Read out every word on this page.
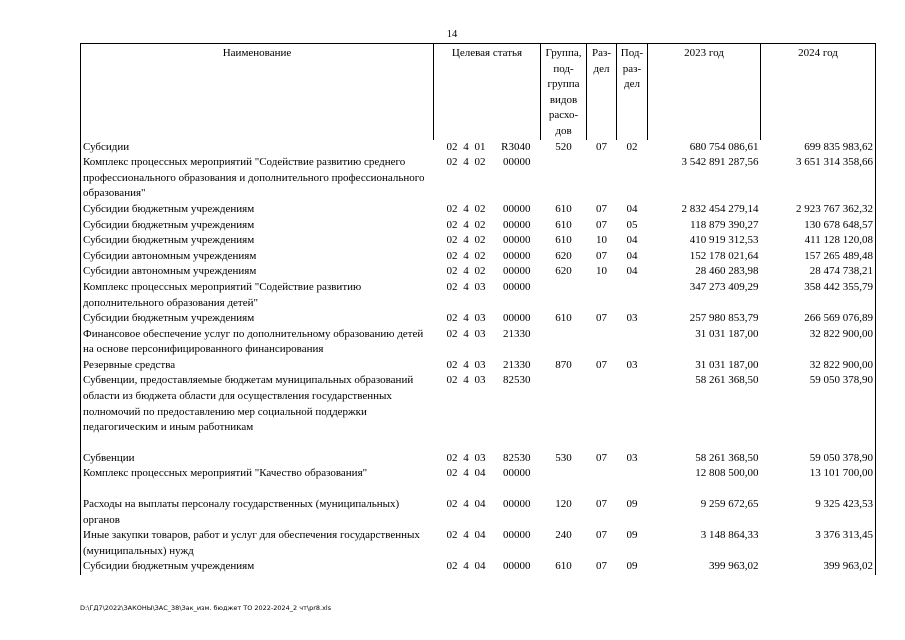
14
Наименование	Целевая статья	Группа, под-группа видов расхо-дов	Раз-дел	Под-раз-дел	2023 год	2024 год
Субсидии	02 4 01 R3040	520	07	02	680 754 086,61	699 835 983,62
Комплекс процессных мероприятий "Содействие развитию среднего профессионального образования и дополнительного профессионального образования"	02 4 02 00000				3 542 891 287,56	3 651 314 358,66
Субсидии бюджетным учреждениям	02 4 02 00000	610	07	04	2 832 454 279,14	2 923 767 362,32
Субсидии бюджетным учреждениям	02 4 02 00000	610	07	05	118 879 390,27	130 678 648,57
Субсидии бюджетным учреждениям	02 4 02 00000	610	10	04	410 919 312,53	411 128 120,08
Субсидии автономным учреждениям	02 4 02 00000	620	07	04	152 178 021,64	157 265 489,48
Субсидии автономным учреждениям	02 4 02 00000	620	10	04	28 460 283,98	28 474 738,21
Комплекс процессных мероприятий "Содействие развитию дополнительного образования детей"	02 4 03 00000				347 273 409,29	358 442 355,79
Субсидии бюджетным учреждениям	02 4 03 00000	610	07	03	257 980 853,79	266 569 076,89
Финансовое обеспечение услуг по дополнительному образованию детей на основе персонифицированного финансирования	02 4 03 21330				31 031 187,00	32 822 900,00
Резервные средства	02 4 03 21330	870	07	03	31 031 187,00	32 822 900,00
Субвенции, предоставляемые бюджетам муниципальных образований области из бюджета области для осуществления государственных полномочий по предоставлению мер социальной поддержки педагогическим и иным работникам	02 4 03 82530				58 261 368,50	59 050 378,90

Субвенции	02 4 03 82530	530	07	03	58 261 368,50	59 050 378,90
Комплекс процессных мероприятий "Качество образования"	02 4 04 00000				12 808 500,00	13 101 700,00

Расходы на выплаты персоналу государственных (муниципальных) органов	02 4 04 00000	120	07	09	9 259 672,65	9 325 423,53
Иные закупки товаров, работ и услуг для обеспечения государственных (муниципальных) нужд	02 4 04 00000	240	07	09	3 148 864,33	3 376 313,45
Субсидии бюджетным учреждениям	02 4 04 00000	610	07	09	399 963,02	399 963,02
D:\ГД7\2022\ЗАКОНЫ\ЗАС_38\Зак_изм. бюджет ТО 2022-2024_2 чт\pr8.xls
